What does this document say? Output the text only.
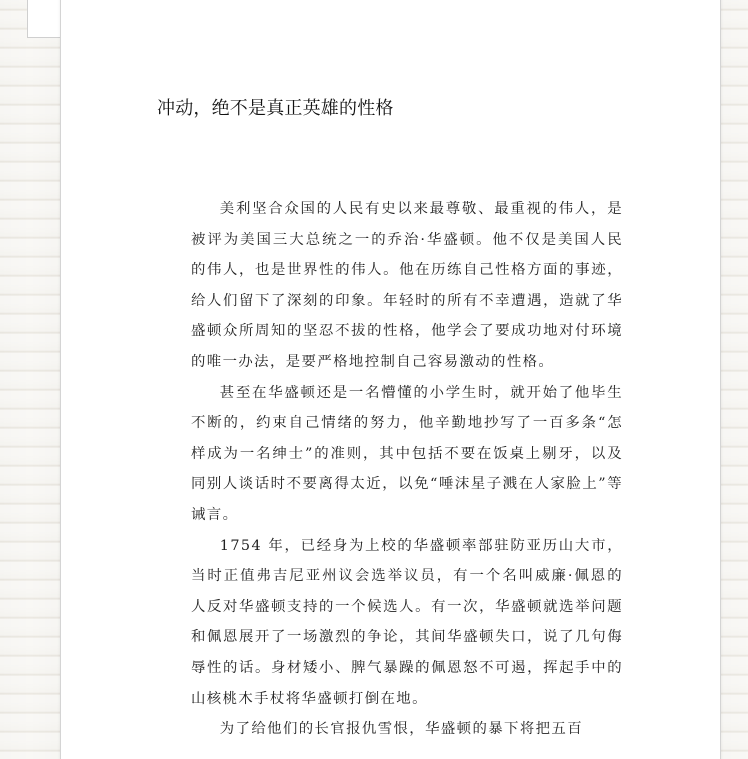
冲动，绝不是真正英雄的性格

美利坚合众国的人民有史以来最尊敬、最重视的伟人，是被评为美国三大总统之一的乔治·华盛顿。他不仅是美国人民的伟人，也是世界性的伟人。他在历练自己性格方面的事迹，给人们留下了深刻的印象。年轻时的所有不幸遭遇，造就了华盛顿众所周知的坚忍不拔的性格，他学会了要成功地对付环境的唯一办法，是要严格地控制自己容易激动的性格。

甚至在华盛顿还是一名懵懂的小学生时，就开始了他毕生不断的，约束自己情绪的努力，他辛勤地抄写了一百多条“怎样成为一名绅士”的准则，其中包括不要在饭桌上剔牙，以及同别人谈话时不要离得太近，以免“唾沫星子溅在人家脸上”等诫言。

1754 年，已经身为上校的华盛顿率部驻防亚历山大市，当时正值弗吉尼亚州议会选举议员，有一个名叫威廉·佩恩的人反对华盛顿支持的一个候选人。有一次，华盛顿就选举问题和佩恩展开了一场激烈的争论，其间华盛顿失口，说了几句侮辱性的话。身材矮小、脾气暴躁的佩恩怒不可遏，挥起手中的山核桃木手杖将华盛顿打倒在地。

为了给他们的长官报仇雪恨，华盛顿的暴下将把五百
